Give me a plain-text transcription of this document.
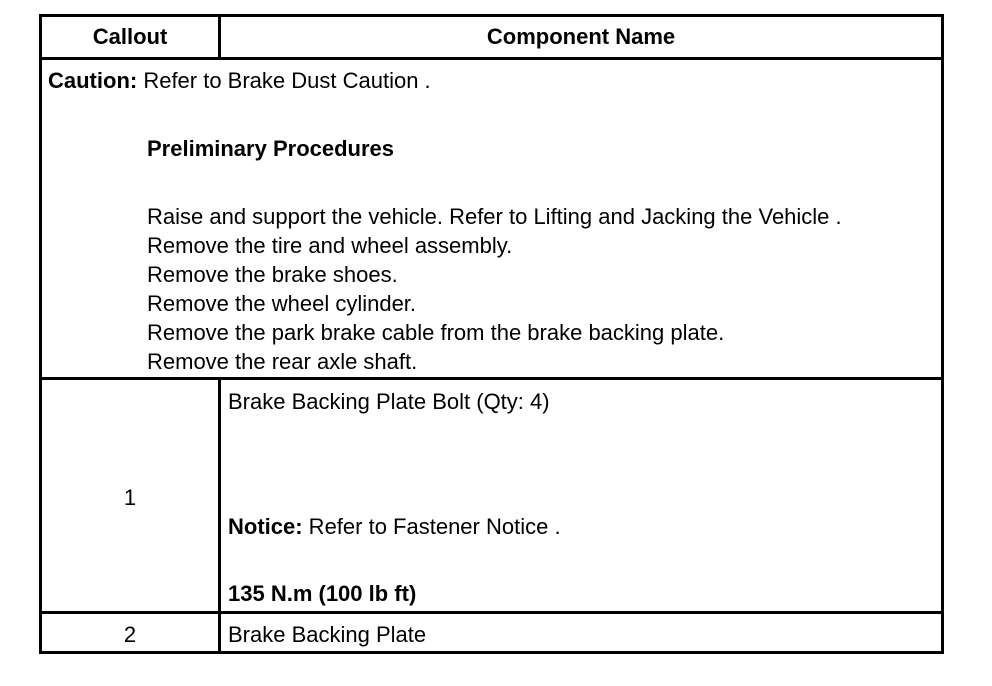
Callout	Component Name
Caution: Refer to Brake Dust Caution .
Preliminary Procedures
Raise and support the vehicle. Refer to Lifting and Jacking the Vehicle .
Remove the tire and wheel assembly.
Remove the brake shoes.
Remove the wheel cylinder.
Remove the park brake cable from the brake backing plate.
Remove the rear axle shaft.
1
Brake Backing Plate Bolt (Qty: 4)
Notice: Refer to Fastener Notice .
135 N.m (100 lb ft)
2	Brake Backing Plate
